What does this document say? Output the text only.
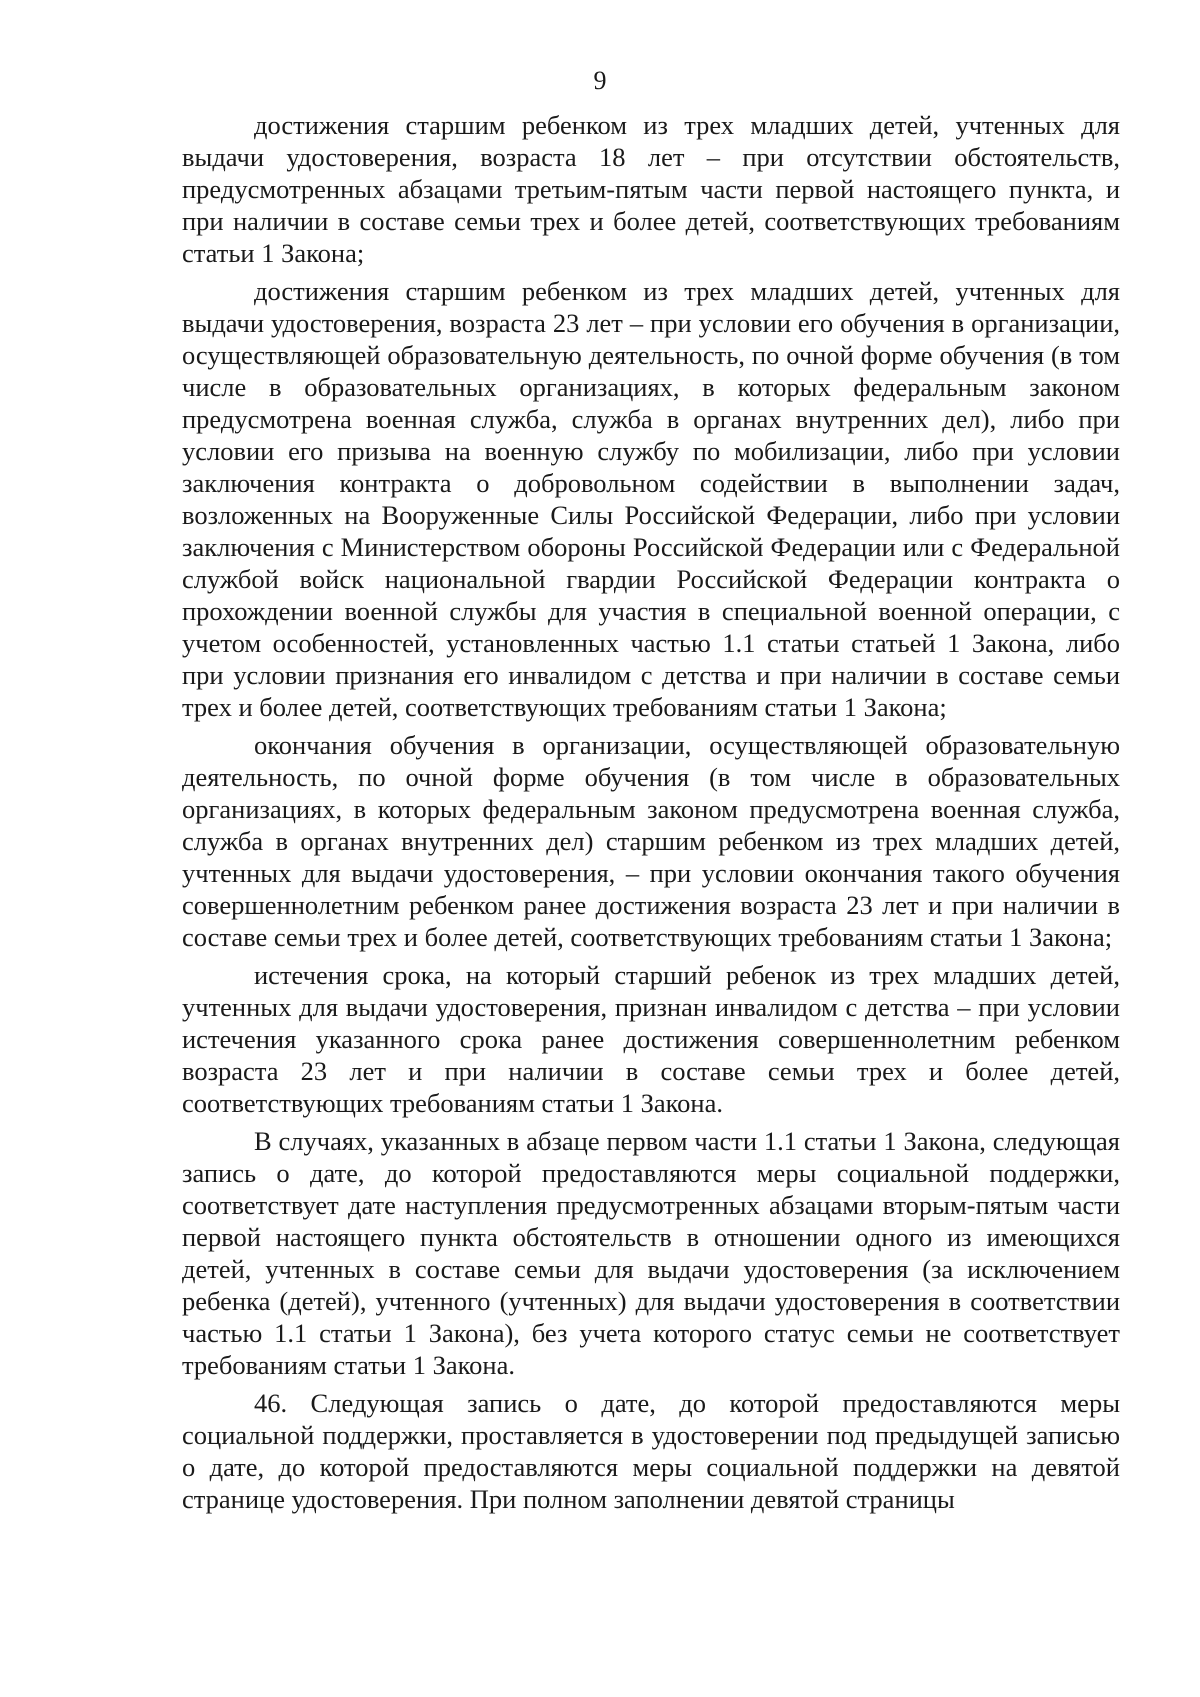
9

достижения старшим ребенком из трех младших детей, учтенных для выдачи удостоверения, возраста 18 лет – при отсутствии обстоятельств, предусмотренных абзацами третьим-пятым части первой настоящего пункта, и при наличии в составе семьи трех и более детей, соответствующих требованиям статьи 1 Закона;

достижения старшим ребенком из трех младших детей, учтенных для выдачи удостоверения, возраста 23 лет – при условии его обучения в организации, осуществляющей образовательную деятельность, по очной форме обучения (в том числе в образовательных организациях, в которых федеральным законом предусмотрена военная служба, служба в органах внутренних дел), либо при условии его призыва на военную службу по мобилизации, либо при условии заключения контракта о добровольном содействии в выполнении задач, возложенных на Вооруженные Силы Российской Федерации, либо при условии заключения с Министерством обороны Российской Федерации или с Федеральной службой войск национальной гвардии Российской Федерации контракта о прохождении военной службы для участия в специальной военной операции, с учетом особенностей, установленных частью 1.1 статьи статьей 1 Закона, либо при условии признания его инвалидом с детства и при наличии в составе семьи трех и более детей, соответствующих требованиям статьи 1 Закона;

окончания обучения в организации, осуществляющей образовательную деятельность, по очной форме обучения (в том числе в образовательных организациях, в которых федеральным законом предусмотрена военная служба, служба в органах внутренних дел) старшим ребенком из трех младших детей, учтенных для выдачи удостоверения, – при условии окончания такого обучения совершеннолетним ребенком ранее достижения возраста 23 лет и при наличии в составе семьи трех и более детей, соответствующих требованиям статьи 1 Закона;

истечения срока, на который старший ребенок из трех младших детей, учтенных для выдачи удостоверения, признан инвалидом с детства – при условии истечения указанного срока ранее достижения совершеннолетним ребенком возраста 23 лет и при наличии в составе семьи трех и более детей, соответствующих требованиям статьи 1 Закона.

В случаях, указанных в абзаце первом части 1.1 статьи 1 Закона, следующая запись о дате, до которой предоставляются меры социальной поддержки, соответствует дате наступления предусмотренных абзацами вторым-пятым части первой настоящего пункта обстоятельств в отношении одного из имеющихся детей, учтенных в составе семьи для выдачи удостоверения (за исключением ребенка (детей), учтенного (учтенных) для выдачи удостоверения в соответствии частью 1.1 статьи 1 Закона), без учета которого статус семьи не соответствует требованиям статьи 1 Закона.

46. Следующая запись о дате, до которой предоставляются меры социальной поддержки, проставляется в удостоверении под предыдущей записью о дате, до которой предоставляются меры социальной поддержки на девятой странице удостоверения. При полном заполнении девятой страницы
